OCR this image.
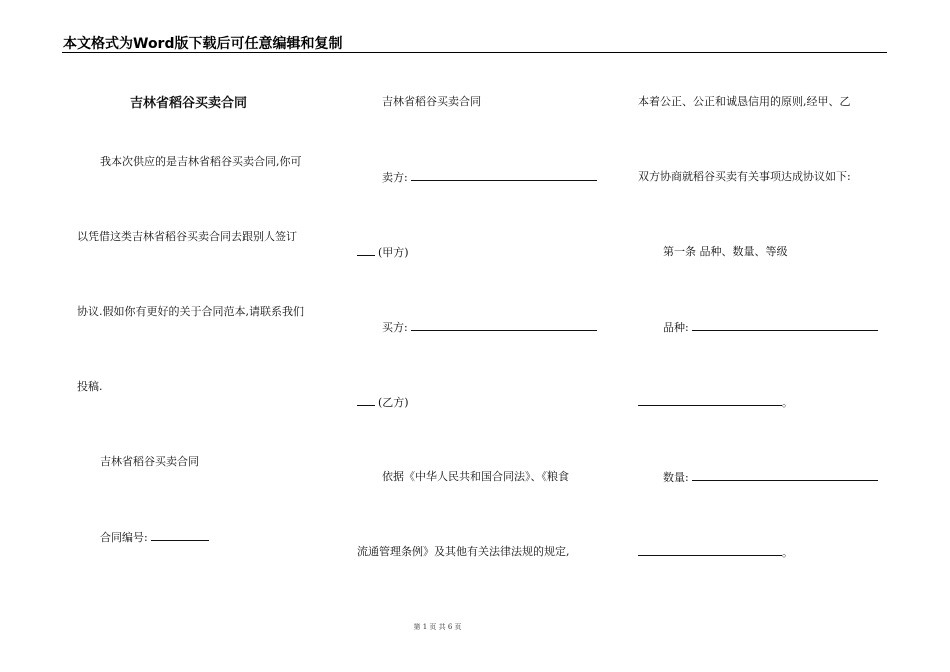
本文格式为Word版下载后可任意编辑和复制
吉林省稻谷买卖合同
我本次供应的是吉林省稻谷买卖合同,你可
以凭借这类吉林省稻谷买卖合同去跟别人签订
协议.假如你有更好的关于合同范本,请联系我们
投稿.
吉林省稻谷买卖合同
合同编号:
吉林省稻谷买卖合同
卖方:
(甲方)
买方:
(乙方)
依据《中华人民共和国合同法》、《粮食
流通管理条例》及其他有关法律法规的规定,
本着公正、公正和诚恳信用的原则,经甲、乙
双方协商就稻谷买卖有关事项达成协议如下:
第一条 品种、数量、等级
品种:
。
数量:
。
第 1 页 共 6 页
